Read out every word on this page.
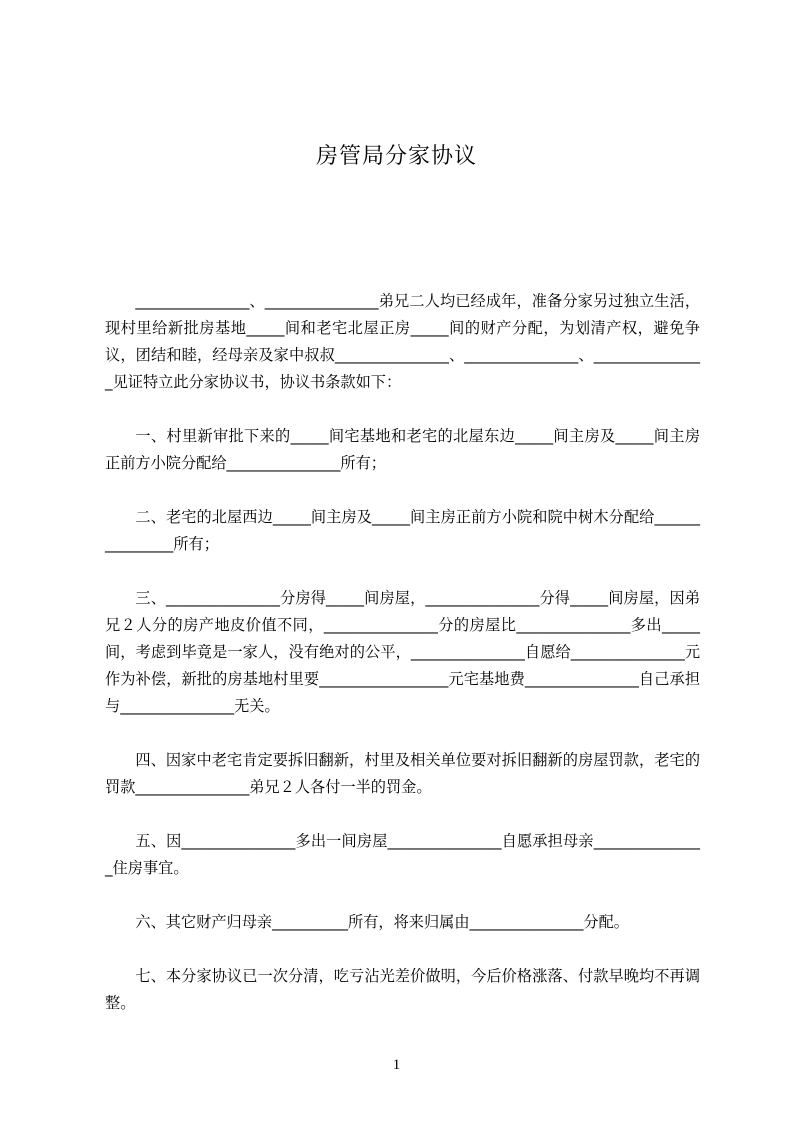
房管局分家协议

_______________、_______________弟兄二人均已经成年，准备分家另过独立生活，现村里给新批房基地_____间和老宅北屋正房_____间的财产分配，为划清产权，避免争议，团结和睦，经母亲及家中叔叔_______________、_______________、_______________见证特立此分家协议书，协议书条款如下：

一、村里新审批下来的_____间宅基地和老宅的北屋东边_____间主房及_____间主房正前方小院分配给_______________所有；

二、老宅的北屋西边_____间主房及_____间主房正前方小院和院中树木分配给_______________所有；

三、_______________分房得_____间房屋，_______________分得_____间房屋，因弟兄２人分的房产地皮价值不同，_______________分的房屋比_______________多出_____间，考虑到毕竟是一家人，没有绝对的公平，_______________自愿给_______________元作为补偿，新批的房基地村里要_________________元宅基地费_______________自己承担与_______________无关。

四、因家中老宅肯定要拆旧翻新，村里及相关单位要对拆旧翻新的房屋罚款，老宅的罚款_______________弟兄２人各付一半的罚金。

五、因_______________多出一间房屋_______________自愿承担母亲_______________住房事宜。

六、其它财产归母亲__________所有，将来归属由_______________分配。

七、本分家协议已一次分清，吃亏沾光差价做明，今后价格涨落、付款早晚均不再调整。

1
